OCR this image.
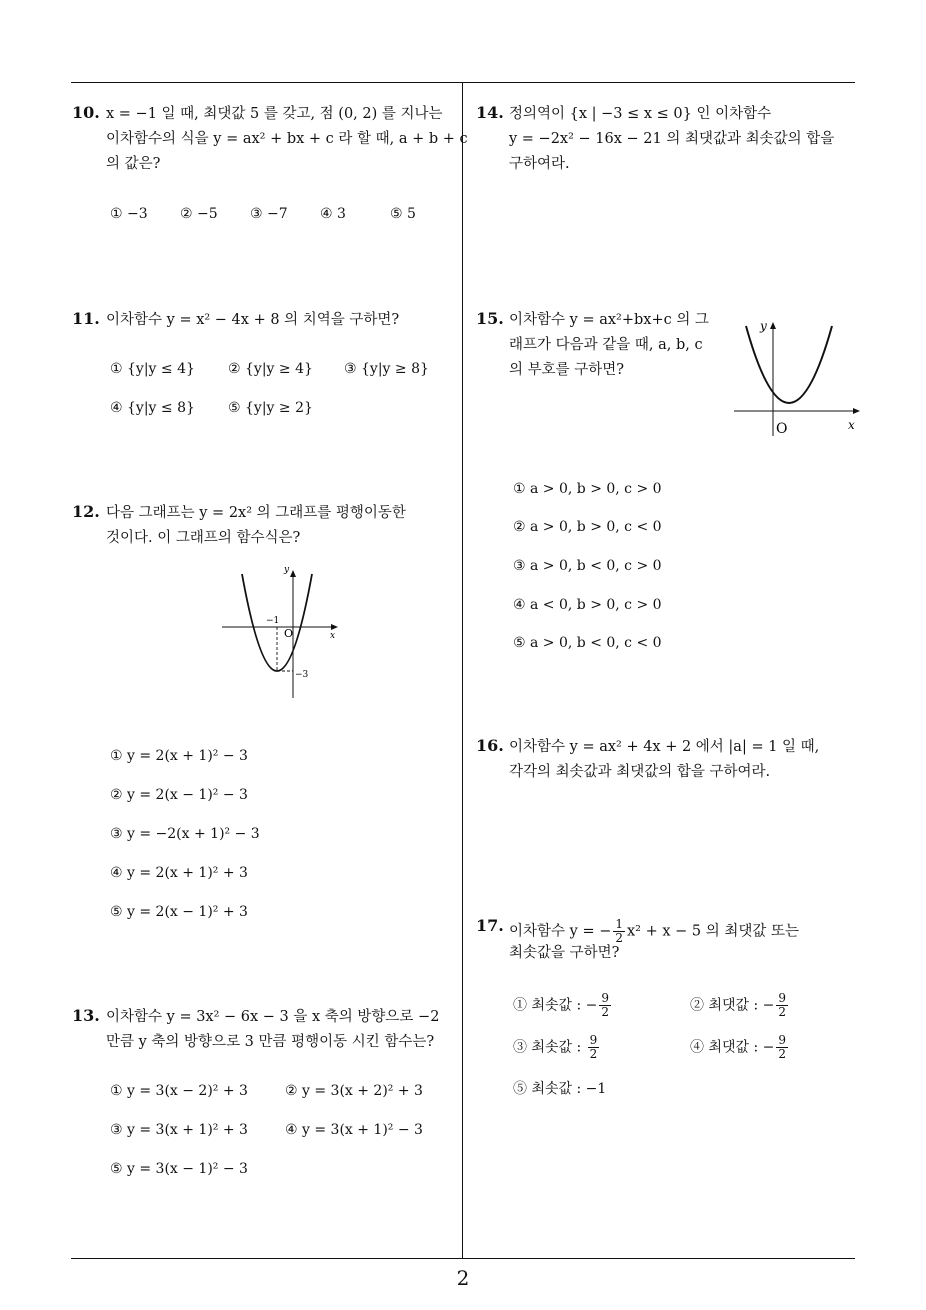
10. x = −1 일 때, 최댓값 5 를 갖고, 점 (0, 2) 를 지나는
이차함수의 식을 y = ax² + bx + c 라 할 때, a + b + c
의 값은?
① −3 ② −5 ③ −7 ④ 3	⑤ 5
11. 이차함수 y = x² − 4x + 8 의 치역을 구하면?
① {y|y ≤ 4} ② {y|y ≥ 4} ③ {y|y ≥ 8}
④ {y|y ≤ 8} ⑤ {y|y ≥ 2}
12. 다음 그래프는 y = 2x² 의 그래프를 평행이동한
것이다. 이 그래프의 함수식은?
y
x
O
−1
−3
① y = 2(x + 1)² − 3
② y = 2(x − 1)² − 3
③ y = −2(x + 1)² − 3
④ y = 2(x + 1)² + 3
⑤ y = 2(x − 1)² + 3
13. 이차함수 y = 3x² − 6x − 3 을 x 축의 방향으로 −2
만큼 y 축의 방향으로 3 만큼 평행이동 시킨 함수는?
① y = 3(x − 2)² + 3	② y = 3(x + 2)² + 3
③ y = 3(x + 1)² + 3	④ y = 3(x + 1)² − 3
⑤ y = 3(x − 1)² − 3
14. 정의역이 {x | −3 ≤ x ≤ 0} 인 이차함수
y = −2x² − 16x − 21 의 최댓값과 최솟값의 합을
구하여라.
15. 이차함수 y = ax²+bx+c 의 그
래프가 다음과 같을 때, a, b, c
의 부호를 구하면?
y
x
O
① a > 0, b > 0, c > 0
② a > 0, b > 0, c < 0
③ a > 0, b < 0, c > 0
④ a < 0, b > 0, c > 0
⑤ a > 0, b < 0, c < 0
16. 이차함수 y = ax² + 4x + 2 에서 |a| = 1 일 때,
각각의 최솟값과 최댓값의 합을 구하여라.
17. 이차함수 y = − $\frac{1}{2} x^2 + x - 5$ 의 최댓값 또는
최솟값을 구하면?
① 최솟값 : − $\frac{9}{2}$	② 최댓값 : − $\frac{9}{2}$
③ 최솟값 : $\frac{9}{2}$	④ 최댓값 : − $\frac{9}{2}$
⑤ 최솟값 : −1
2
